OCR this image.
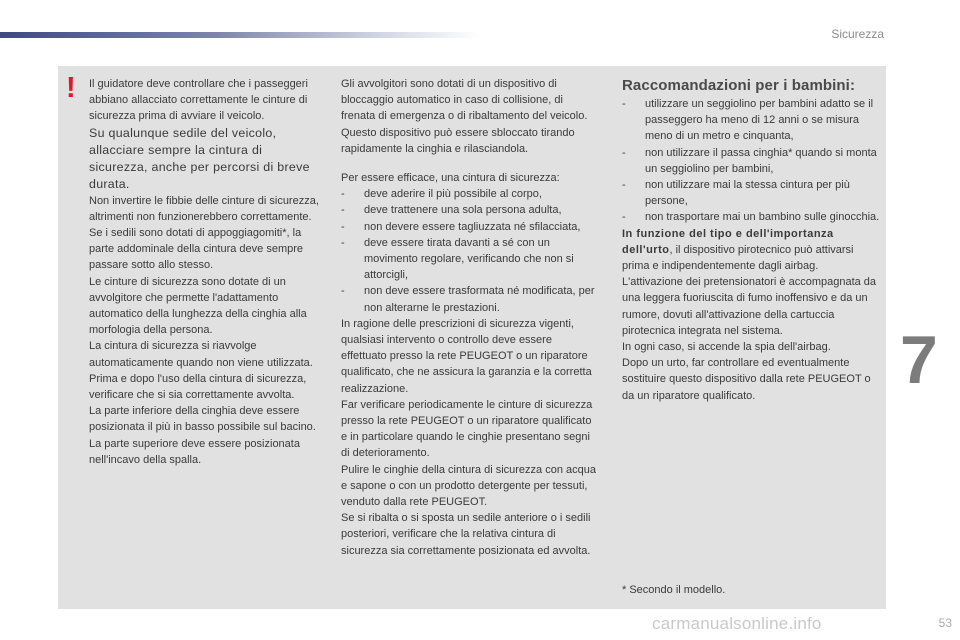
Sicurezza
!	Il guidatore deve controllare che i passeggeri abbiano allacciato correttamente le cinture di sicurezza prima di avviare il veicolo.

Su qualunque sedile del veicolo, allacciare sempre la cintura di sicurezza, anche per percorsi di breve durata.

Non invertire le fibbie delle cinture di sicurezza, altrimenti non funzionerebbero correttamente.

Se i sedili sono dotati di appoggiagomiti*, la parte addominale della cintura deve sempre passare sotto allo stesso.

Le cinture di sicurezza sono dotate di un avvolgitore che permette l'adattamento automatico della lunghezza della cinghia alla morfologia della persona.

La cintura di sicurezza si riavvolge automaticamente quando non viene utilizzata.

Prima e dopo l'uso della cintura di sicurezza, verificare che si sia correttamente avvolta.

La parte inferiore della cinghia deve essere posizionata il più in basso possibile sul bacino.

La parte superiore deve essere posizionata nell'incavo della spalla.

Gli avvolgitori sono dotati di un dispositivo di bloccaggio automatico in caso di collisione, di frenata di emergenza o di ribaltamento del veicolo. Questo dispositivo può essere sbloccato tirando rapidamente la cinghia e rilasciandola.

Per essere efficace, una cintura di sicurezza:

- deve aderire il più possibile al corpo,
- deve trattenere una sola persona adulta,
- non devere essere tagliuzzata né sfilacciata,
- deve essere tirata davanti a sé con un movimento regolare, verificando che non si attorcigli,
- non deve essere trasformata né modificata, per non alterarne le prestazioni.

In ragione delle prescrizioni di sicurezza vigenti, qualsiasi intervento o controllo deve essere effettuato presso la rete PEUGEOT o un riparatore qualificato, che ne assicura la garanzia e la corretta realizzazione.

Far verificare periodicamente le cinture di sicurezza presso la rete PEUGEOT o un riparatore qualificato e in particolare quando le cinghie presentano segni di deterioramento.

Pulire le cinghie della cintura di sicurezza con acqua e sapone o con un prodotto detergente per tessuti, venduto dalla rete PEUGEOT.

Se si ribalta o si sposta un sedile anteriore o i sedili posteriori, verificare che la relativa cintura di sicurezza sia correttamente posizionata ed avvolta.

Raccomandazioni per i bambini:

- utilizzare un seggiolino per bambini adatto se il passeggero ha meno di 12 anni o se misura meno di un metro e cinquanta,
- non utilizzare il passa cinghia* quando si monta un seggiolino per bambini,
- non utilizzare mai la stessa cintura per più persone,
- non trasportare mai un bambino sulle ginocchia.

In funzione del tipo e dell'importanza dell'urto, il dispositivo pirotecnico può attivarsi prima e indipendentemente dagli airbag. L'attivazione dei pretensionatori è accompagnata da una leggera fuoriuscita di fumo inoffensivo e da un rumore, dovuti all'attivazione della cartuccia pirotecnica integrata nel sistema.

In ogni caso, si accende la spia dell'airbag.

Dopo un urto, far controllare ed eventualmente sostituire questo dispositivo dalla rete PEUGEOT o da un riparatore qualificato.

* Secondo il modello.
7
carmanualsonline.info	53
